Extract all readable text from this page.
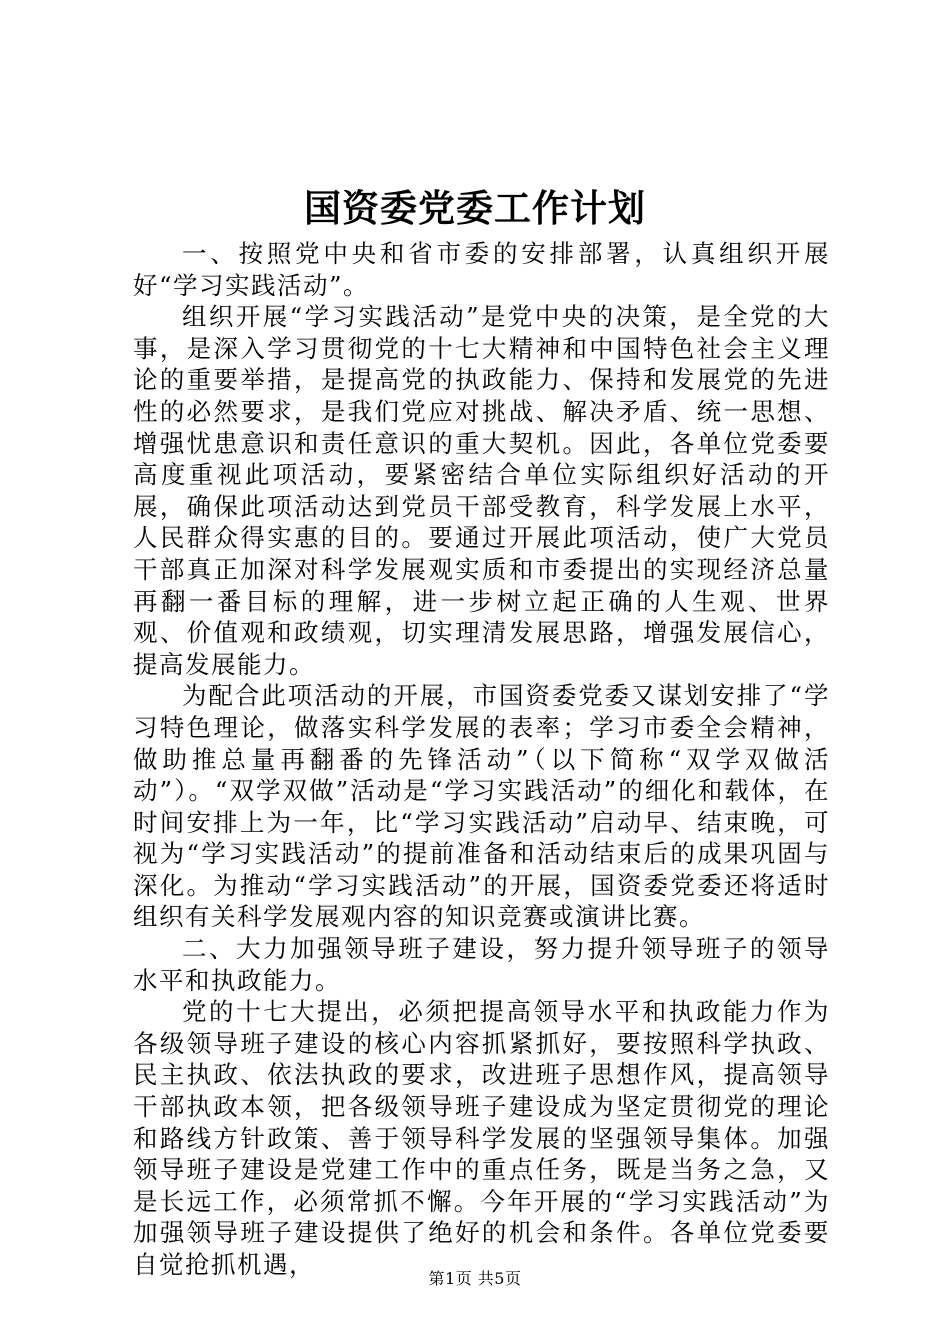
国资委党委工作计划

一、按照党中央和省市委的安排部署，认真组织开展好“学习实践活动”。

组织开展“学习实践活动”是党中央的决策，是全党的大事，是深入学习贯彻党的十七大精神和中国特色社会主义理论的重要举措，是提高党的执政能力、保持和发展党的先进性的必然要求，是我们党应对挑战、解决矛盾、统一思想、增强忧患意识和责任意识的重大契机。因此，各单位党委要高度重视此项活动，要紧密结合单位实际组织好活动的开展，确保此项活动达到党员干部受教育，科学发展上水平，人民群众得实惠的目的。要通过开展此项活动，使广大党员干部真正加深对科学发展观实质和市委提出的实现经济总量再翻一番目标的理解，进一步树立起正确的人生观、世界观、价值观和政绩观，切实理清发展思路，增强发展信心，提高发展能力。

为配合此项活动的开展，市国资委党委又谋划安排了“学习特色理论，做落实科学发展的表率；学习市委全会精神，做助推总量再翻番的先锋活动”（以下简称“双学双做活动”）。“双学双做”活动是“学习实践活动”的细化和载体，在时间安排上为一年，比“学习实践活动”启动早、结束晚，可视为“学习实践活动”的提前准备和活动结束后的成果巩固与深化。为推动“学习实践活动”的开展，国资委党委还将适时组织有关科学发展观内容的知识竞赛或演讲比赛。

二、大力加强领导班子建设，努力提升领导班子的领导水平和执政能力。

党的十七大提出，必须把提高领导水平和执政能力作为各级领导班子建设的核心内容抓紧抓好，要按照科学执政、民主执政、依法执政的要求，改进班子思想作风，提高领导干部执政本领，把各级领导班子建设成为坚定贯彻党的理论和路线方针政策、善于领导科学发展的坚强领导集体。加强领导班子建设是党建工作中的重点任务，既是当务之急，又是长远工作，必须常抓不懈。今年开展的“学习实践活动”为加强领导班子建设提供了绝好的机会和条件。各单位党委要自觉抢抓机遇，	第1页 共5页
